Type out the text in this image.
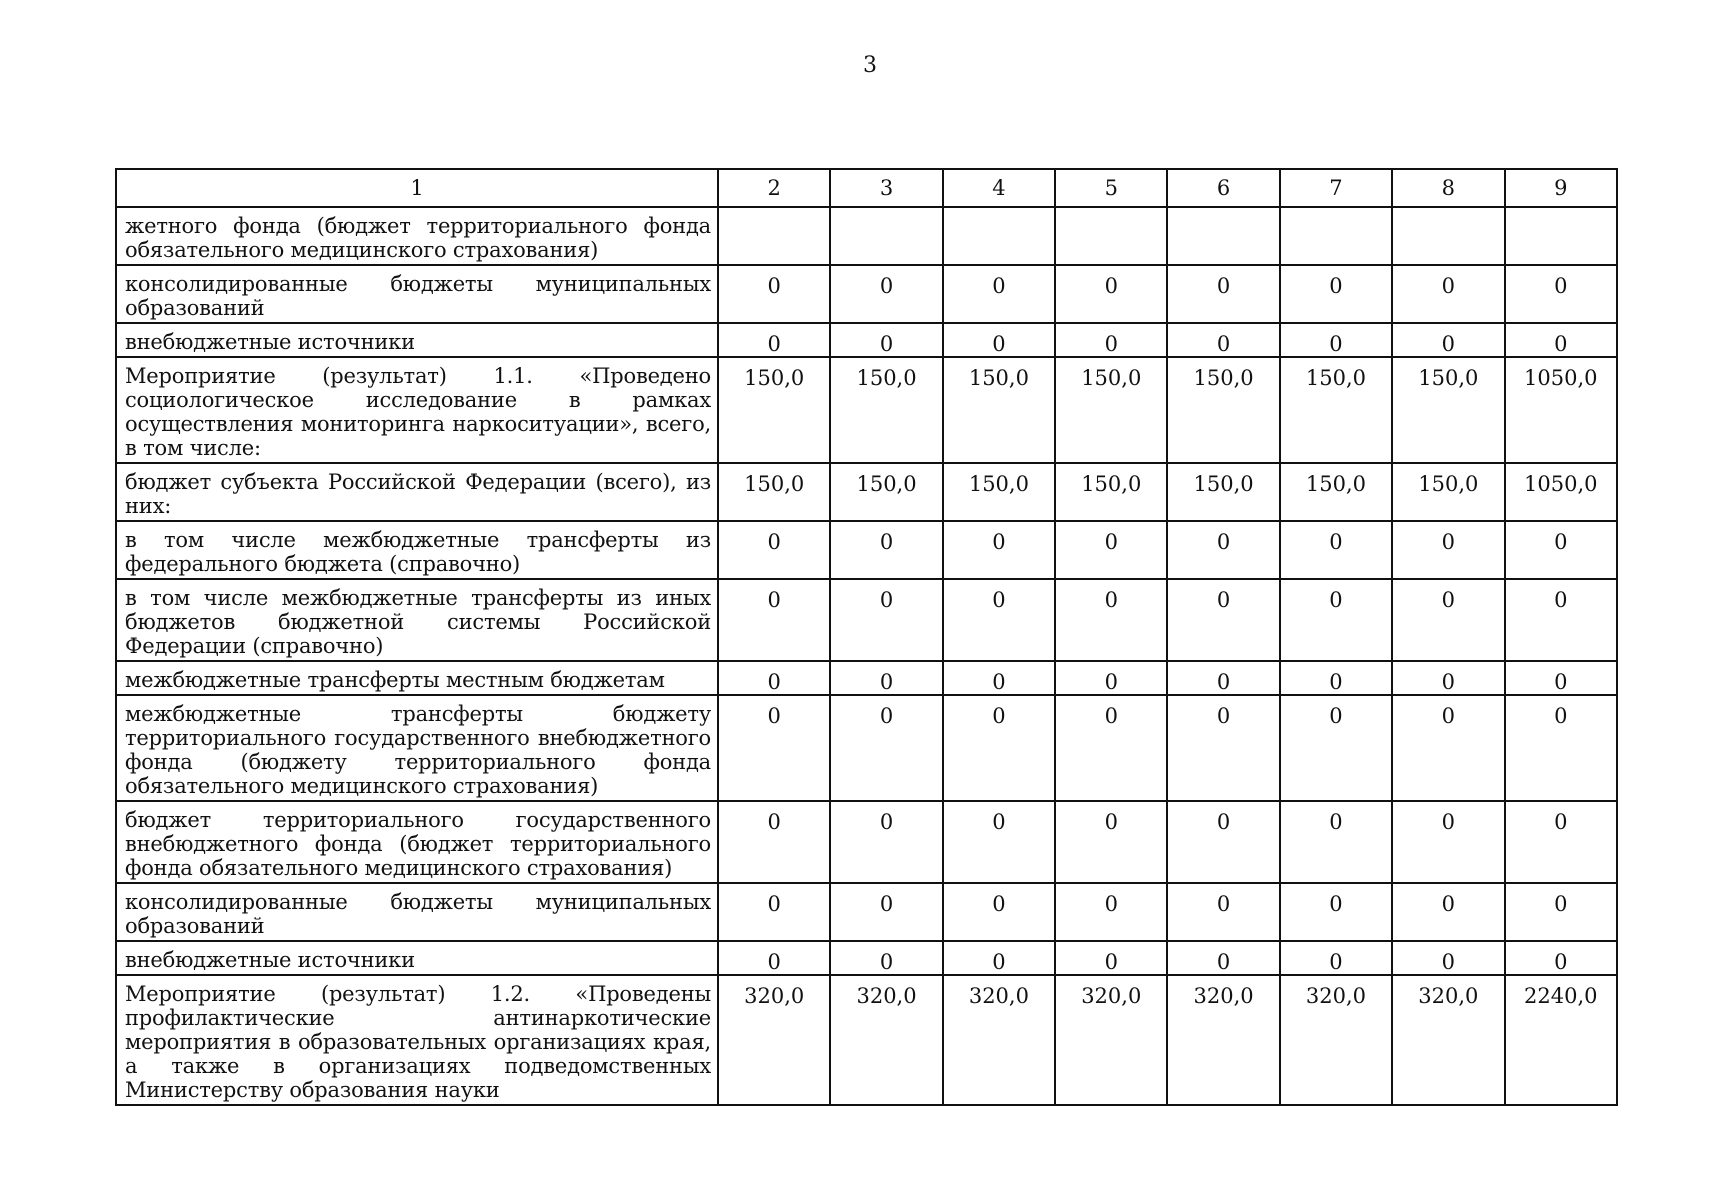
3
1	2	3	4	5	6	7	8	9
жетного фонда (бюджет территориального фонда обязательного медицинского страхования)								
консолидированные бюджеты муниципальных образований	0	0	0	0	0	0	0	0
внебюджетные источники	0	0	0	0	0	0	0	0
Мероприятие (результат) 1.1. «Проведено социологическое исследование в рамках осуществления мониторинга наркоситуации», всего, в том числе:	150,0	150,0	150,0	150,0	150,0	150,0	150,0	1050,0
бюджет субъекта Российской Федерации (всего), из них:	150,0	150,0	150,0	150,0	150,0	150,0	150,0	1050,0
в том числе межбюджетные трансферты из федерального бюджета (справочно)	0	0	0	0	0	0	0	0
в том числе межбюджетные трансферты из иных бюджетов бюджетной системы Российской Федерации (справочно)	0	0	0	0	0	0	0	0
межбюджетные трансферты местным бюджетам	0	0	0	0	0	0	0	0
межбюджетные трансферты бюджету территориального государственного внебюджетного фонда (бюджету территориального фонда обязательного медицинского страхования)	0	0	0	0	0	0	0	0
бюджет территориального государственного внебюджетного фонда (бюджет территориального фонда обязательного медицинского страхования)	0	0	0	0	0	0	0	0
консолидированные бюджеты муниципальных образований	0	0	0	0	0	0	0	0
внебюджетные источники	0	0	0	0	0	0	0	0
Мероприятие (результат) 1.2. «Проведены профилактические антинаркотические мероприятия в образовательных организациях края, а также в организациях подведомственных Министерству образования науки	320,0	320,0	320,0	320,0	320,0	320,0	320,0	2240,0
